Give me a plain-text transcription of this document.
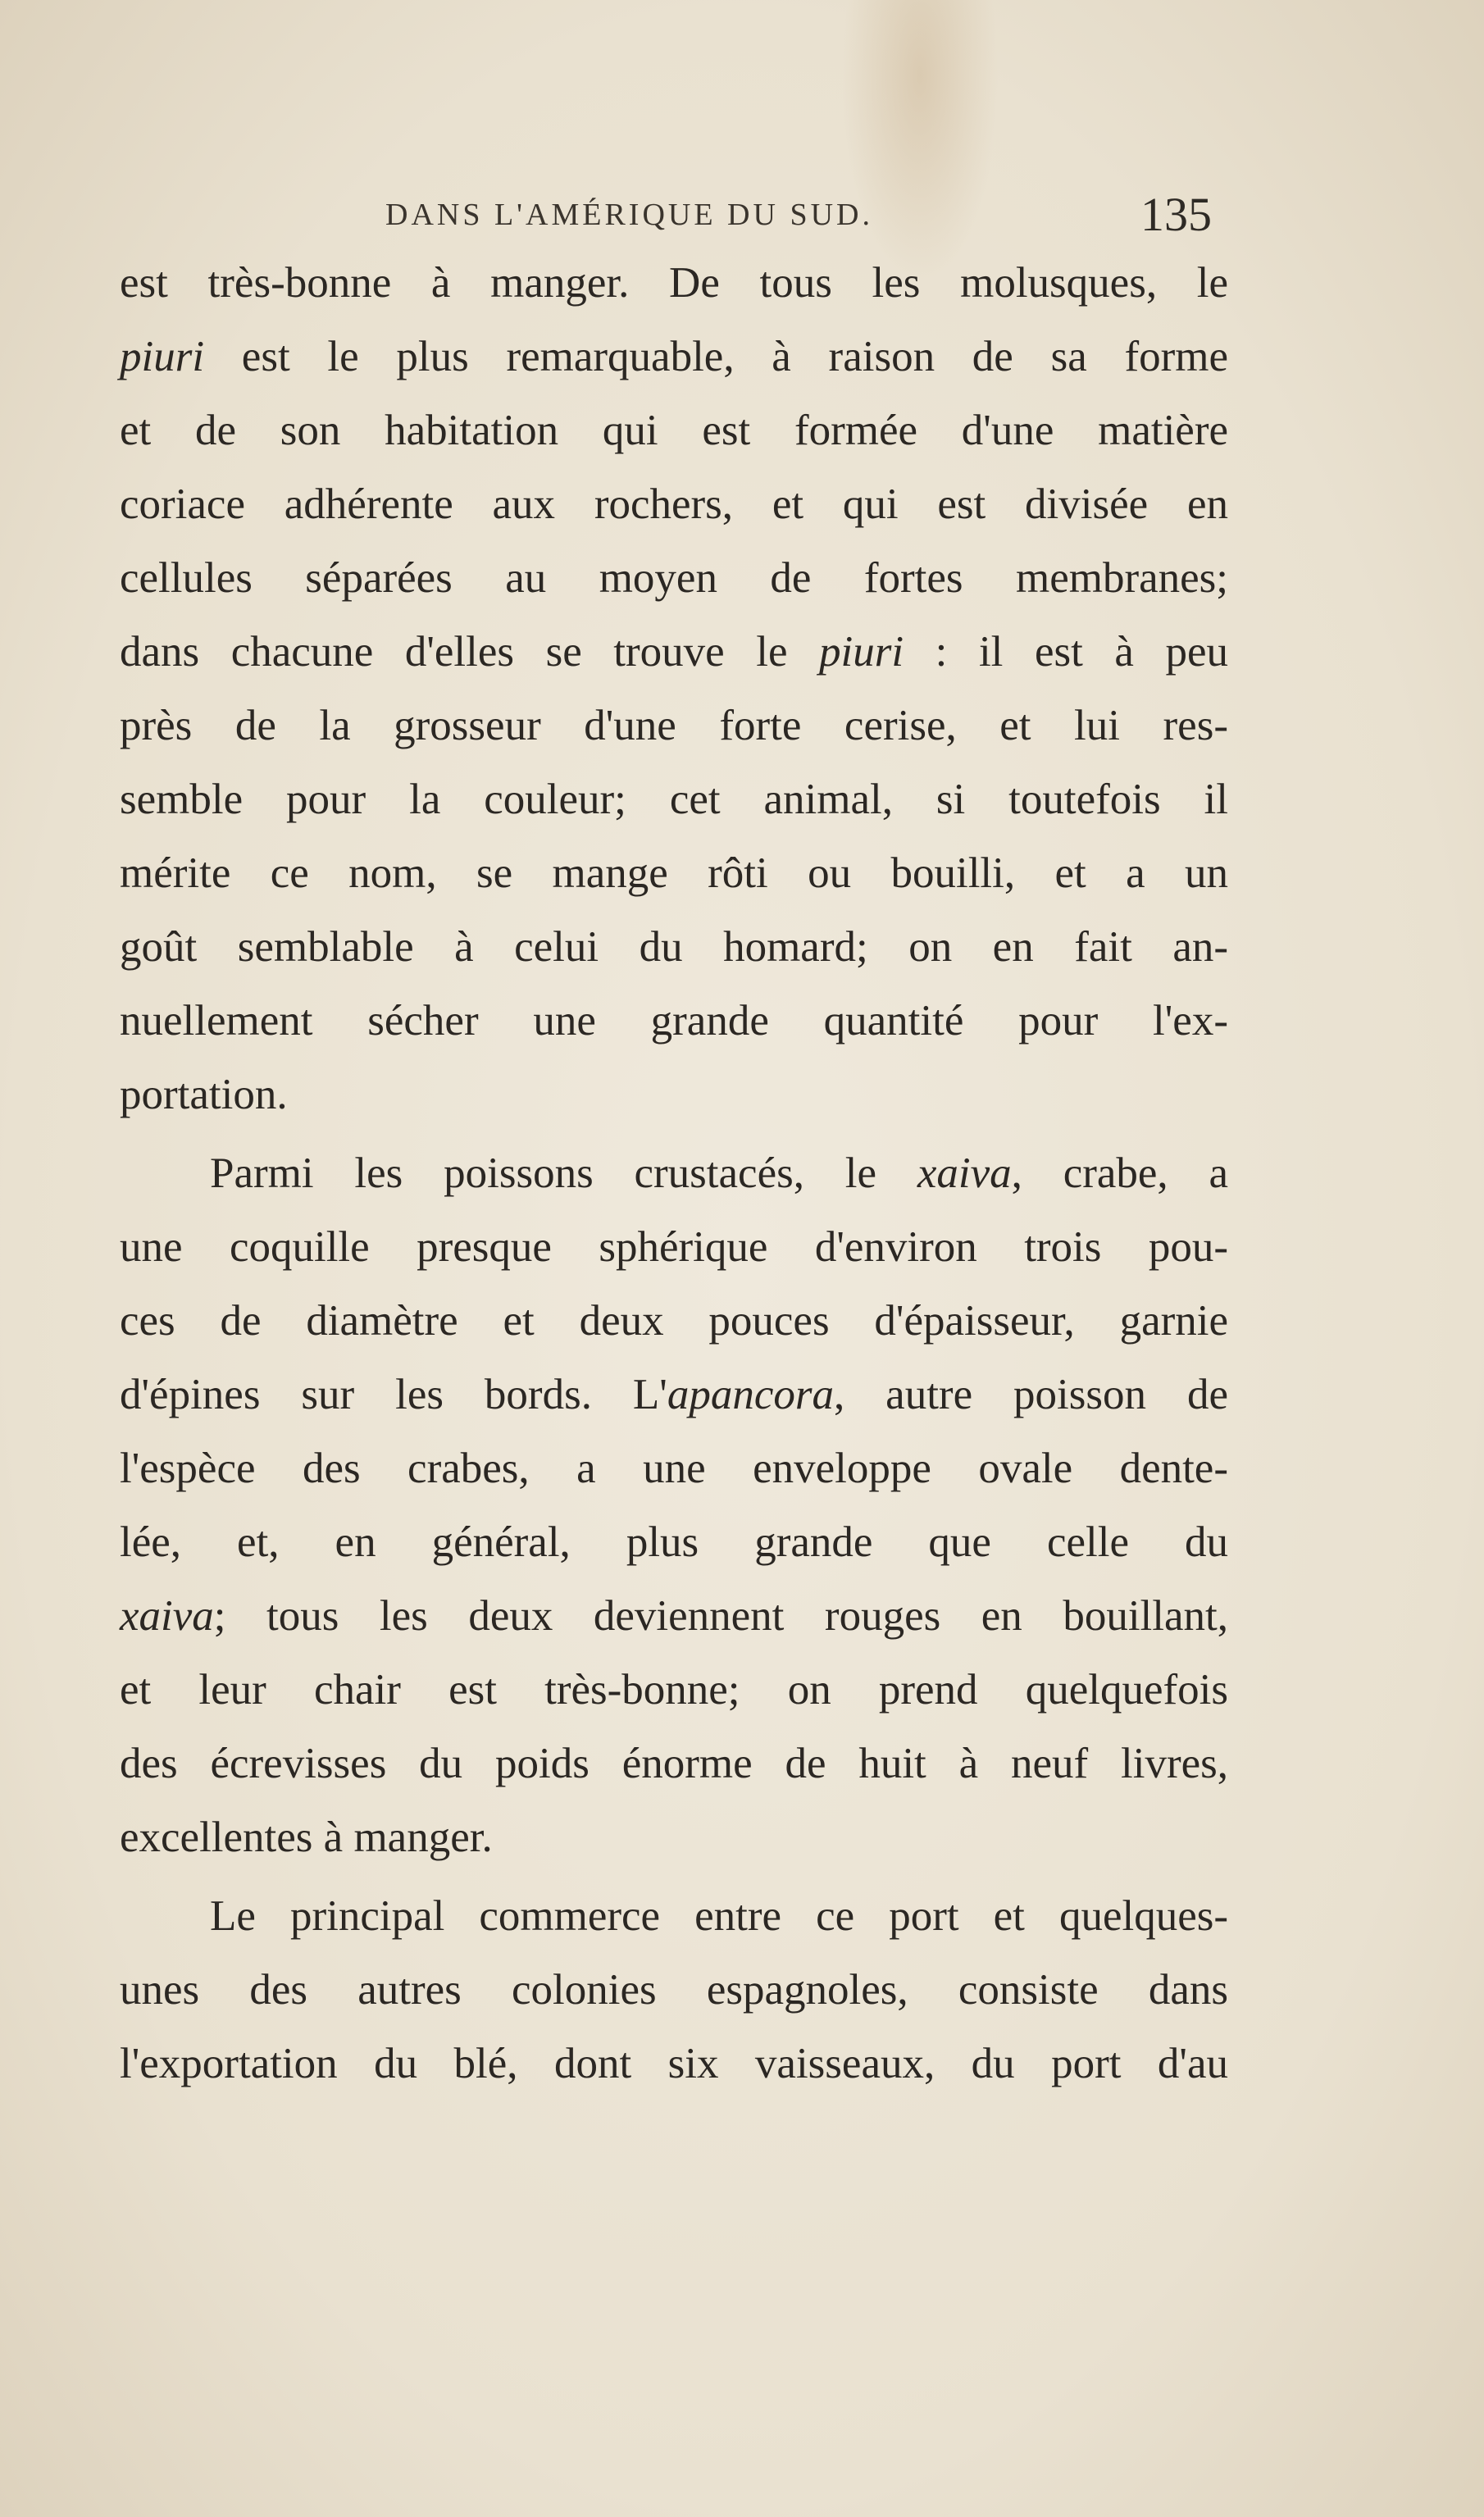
DANS L'AMÉRIQUE DU SUD.	135
est très-bonne à manger. De tous les molusques, le
piuri est le plus remarquable, à raison de sa forme
et de son habitation qui est formée d'une matière
coriace adhérente aux rochers, et qui est divisée en
cellules séparées au moyen de fortes membranes;
dans chacune d'elles se trouve le piuri : il est à peu
près de la grosseur d'une forte cerise, et lui res-
semble pour la couleur; cet animal, si toutefois il
mérite ce nom, se mange rôti ou bouilli, et a un
goût semblable à celui du homard; on en fait an-
nuellement sécher une grande quantité pour l'ex-
portation.
Parmi les poissons crustacés, le xaiva, crabe, a
une coquille presque sphérique d'environ trois pou-
ces de diamètre et deux pouces d'épaisseur, garnie
d'épines sur les bords. L'apancora, autre poisson de
l'espèce des crabes, a une enveloppe ovale dente-
lée, et, en général, plus grande que celle du
xaiva; tous les deux deviennent rouges en bouillant,
et leur chair est très-bonne; on prend quelquefois
des écrevisses du poids énorme de huit à neuf livres,
excellentes à manger.
Le principal commerce entre ce port et quelques-
unes des autres colonies espagnoles, consiste dans
l'exportation du blé, dont six vaisseaux, du port d'au
